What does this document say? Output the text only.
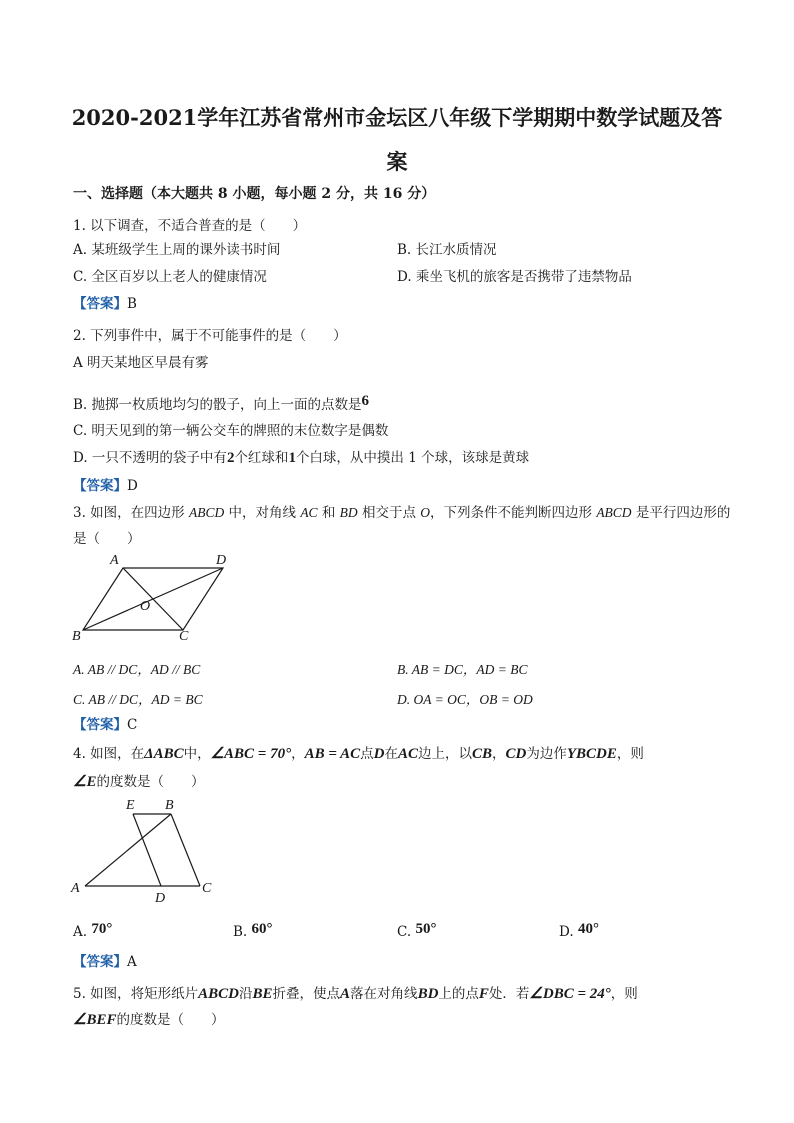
2020-2021学年江苏省常州市金坛区八年级下学期期中数学试题及答案
一、选择题（本大题共 8 小题，每小题 2 分，共 16 分）
1. 以下调查，不适合普查的是（　　）
A. 某班级学生上周的课外读书时间	B. 长江水质情况
C. 全区百岁以上老人的健康情况	D. 乘坐飞机的旅客是否携带了违禁物品
【答案】B
2. 下列事件中，属于不可能事件的是（　　）
A 明天某地区早晨有雾
B. 抛掷一枚质地均匀的骰子，向上一面的点数是6
C. 明天见到的第一辆公交车的牌照的末位数字是偶数
D. 一只不透明的袋子中有2个红球和1个白球，从中摸出 1 个球，该球是黄球
【答案】D
3. 如图，在四边形 ABCD 中，对角线 AC 和 BD 相交于点 O，下列条件不能判断四边形 ABCD 是平行四边形的
是（　　）
A	D
O
B	C
A. AB // DC，AD // BC	B. AB = DC，AD = BC
C. AB // DC，AD = BC	D. OA = OC，OB = OD
【答案】C
4. 如图，在ΔABC中，∠ABC = 70°，AB = AC点D在AC边上，以CB，CD为边作YBCDE，则
∠E的度数是（　　）
E B
A
D
C
A. 70°	B. 60°	C. 50°	D. 40°
【答案】A
5. 如图，将矩形纸片ABCD沿BE折叠，使点A落在对角线BD上的点F处．若∠DBC = 24°，则
∠BEF的度数是（　　）
